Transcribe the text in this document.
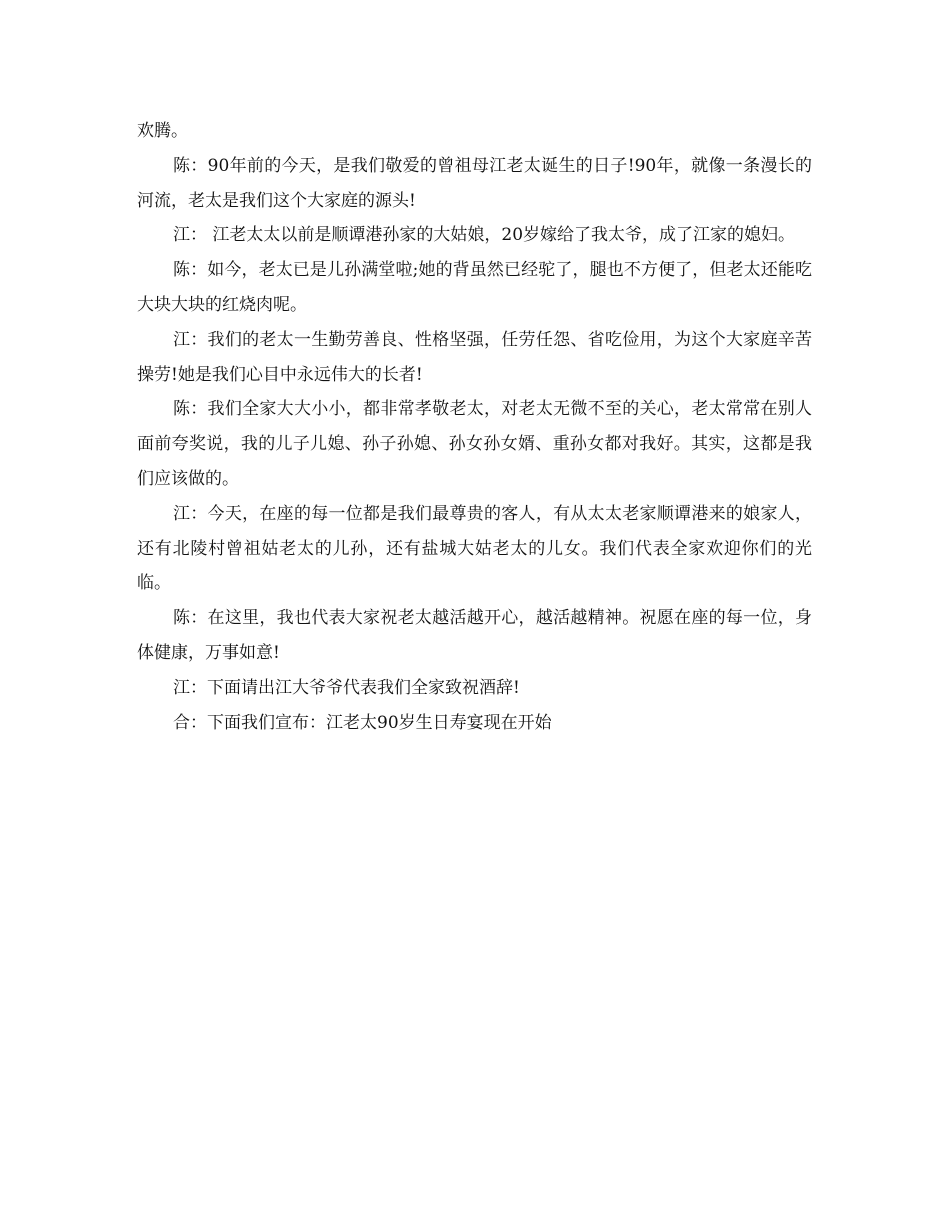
欢腾。

陈：90年前的今天，是我们敬爱的曾祖母江老太诞生的日子!90年，就像一条漫长的河流，老太是我们这个大家庭的源头!

江： 江老太太以前是顺谭港孙家的大姑娘，20岁嫁给了我太爷，成了江家的媳妇。

陈：如今，老太已是儿孙满堂啦;她的背虽然已经驼了，腿也不方便了，但老太还能吃大块大块的红烧肉呢。

江：我们的老太一生勤劳善良、性格坚强，任劳任怨、省吃俭用，为这个大家庭辛苦操劳!她是我们心目中永远伟大的长者!

陈：我们全家大大小小，都非常孝敬老太，对老太无微不至的关心，老太常常在别人面前夸奖说，我的儿子儿媳、孙子孙媳、孙女孙女婿、重孙女都对我好。其实，这都是我们应该做的。

江：今天，在座的每一位都是我们最尊贵的客人，有从太太老家顺谭港来的娘家人，还有北陵村曾祖姑老太的儿孙，还有盐城大姑老太的儿女。我们代表全家欢迎你们的光临。

陈：在这里，我也代表大家祝老太越活越开心，越活越精神。祝愿在座的每一位，身体健康，万事如意!

江：下面请出江大爷爷代表我们全家致祝酒辞!

合：下面我们宣布：江老太90岁生日寿宴现在开始
